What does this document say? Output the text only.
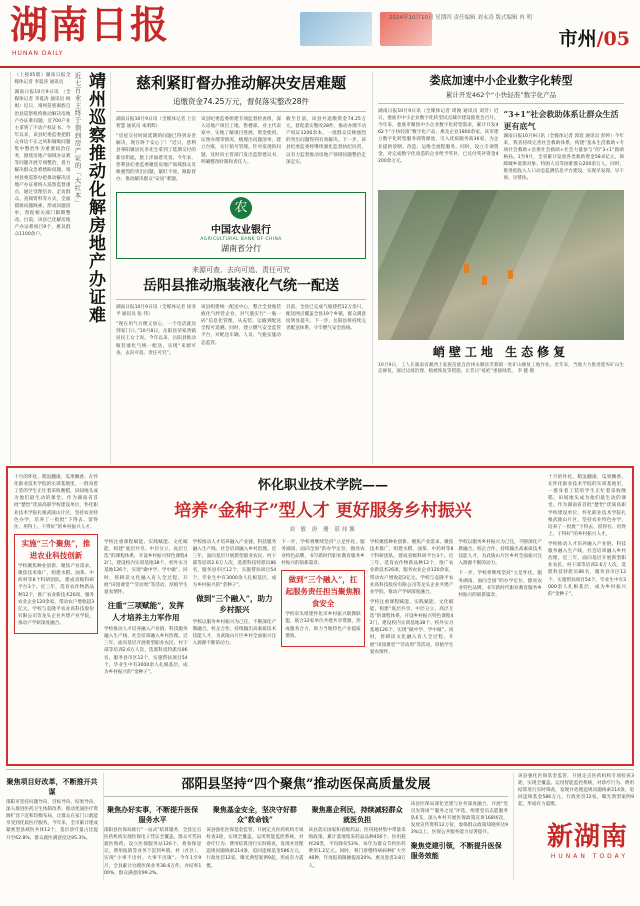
湖南日报
HUNAN DAILY
2024年10月10日 星期四 责任编辑 刘永涛 版式编辑 冉 明
市州/05
靖州巡察推动化解房地产办证难
近七百业主终于领到房产证的「大红本」

（上接05版）湖南日报全媒体记者 李夏涛 通讯员

湖南日报10月9日讯 （全媒体记者 李夏涛 通讯员 杨娟）近日，靖州苗族侗族自治县巡察机构推动解决房地产办证难问题，近700户业主拿到了不动产权证书。今年以来，该县纪委监委把群众身边不正之风和腐败问题集中整治作为重要政治任务，围绕房地产领域办证难等问题开展专项整治，着力解决群众急难愁盼问题。靖州县委巡察办把推动解决房地产办证难纳入巡察监督重点，通过受理信访、走访群众、查阅资料等方式，全面摸排问题线索，形成问题清单，督促相关部门限期整改。目前，该县已化解房地产办证难项目9个，惠及群众1100余户。

慈利紧盯督办推动解决安居难题
追缴资金74.25万元，督促落实整改28件

湖南日报10月9日讯（全媒体记者 上官智慧 通讯员 朱明辉）

“房屋交付时间延期的问题已得到妥善解决，现在终于安心了！”近日，慈利县零阳镇居民李先生拿到了延期交付的新房钥匙，脸上洋溢着笑容。今年来，慈利县纪委监委聚焦房地产领域群众反映强烈的突出问题，紧盯不放、跟踪督办，推动解决群众“安居”难题。

该县纪委监委组建专项监督检查组，深入房地产项目工地、售楼部、业主代表家中，实地了解项目进展、资金使用、证照办理等情况，梳理出问题清单，建立台账，实行销号管理。针对发现的问题，及时向主管部门发出监察建议书，明确整改时限和责任人。

截至目前，该县共追缴资金74.25万元，督促落实整改28件，推动办理不动产权证1200余本，一批群众反映强烈的突出问题得到有效解决。下一步，该县纪委监委将继续强化监督执纪问责，以有力监督推动房地产领域问题整治走深走实。

农
中国农业银行
AGRICULTURAL BANK OF CHINA
湖南省分行
来源可查、去向可追、责任可究
岳阳县推动瓶装液化气统一配送

湖南日报10月9日讯（全媒体记者 徐亚平 通讯员 张 伟）

“现在用气方便又放心，一个电话就送到家门口。”10月8日，岳阳县荣家湾镇居民王女士说。今年以来，岳阳县推动瓶装液化气统一配送，实现“来源可查、去向可追、责任可究”。

该县组建统一配送中心，整合全县瓶装液化气经营企业，对气瓶实行“一瓶一码”信息化管理，从充装、运输到配送全程可追溯。同时，建立燃气安全监管平台，对配送车辆、人员、气瓶实施动态监管。

目前，全县已完成气瓶建档12万余只，配送网点覆盖全县19个乡镇，群众满意度明显提升。下一步，岳阳县将持续完善配送体系，守牢燃气安全底线。

娄底加速中小企业数字化转型
累计开发462个“小快轻准”数字化产品

湖南日报10月9日讯（全媒体记者 周俊 通讯员 刘芳）近日，娄底市中小企业数字化转型试点城市建设推进会召开。今年来，娄底市聚焦中小企业数字化转型需求，累计开发462个“小快轻准”数字化产品，惠及企业1800余家。该市建立数字化转型服务商资源池，引入优质服务商36家，为企业提供诊断、改造、运维全流程服务。同时，设立专项资金，对完成数字化改造的企业给予奖补，已兑付奖补资金4200余万元。

“3+1”社会救助体系让群众生活更有底气

湖南日报10月9日讯（全媒体记者 郭宸 通讯员 彭婷）今年来，我省持续完善社会救助体系，构建“基本生活救助+专项社会救助+急难社会救助+社会力量参与”的“3+1”救助格局。1至9月，全省累计发放各类救助资金58.6亿元，保障城乡低保对象、特困人员等困难群众200余万人。同时，推进低收入人口动态监测信息平台建设，实现早发现、早干预、早帮扶。

峭壁工地 生态修复
10月9日，工人在湖南省湘西土家族苗族自治州永顺县芙蓉镇一处矿山修复工地作业。近年来，当地大力推进废弃矿山生态修复，通过边坡治理、植被恢复等措施，让昔日“疮疤”重披绿装。 李 健 摄

十月的怀化，稻浪翻滚、瓜果飘香。在怀化职业技术学院的实训基地里，一群身着工装的学生正忙着采收晚稻，田间地头成为他们最生动的课堂。作为湖南省首批“楚怡”优质高职学校建设单位，怀化职业技术学院扎根武陵山片区，坚持农业特色办学，培养了一批批“下得去、留得住、用得上、干得好”的乡村振兴人才。

实施“三个聚焦”，推进农业科技创新

学校聚焦种业创新、聚焦产业需求、聚焦技术推广，组建水稻、油茶、中药材等8个科研团队，建成省级科研平台3个。近三年，选育农作物新品种12个，推广农业新技术26项，服务农业企业120余家，带动农户增收超3亿元。学校与袁隆平农业高科技股份有限公司等龙头企业共建产业学院，推动产学研深度融合。

怀化职业技术学院——
培养“金种子”型人才 更好服务乡村振兴
刘 敏 唐 珊 谌祎馨

学校注重课程赋能、实践赋能、文化赋能，构建“底层共享、中层分立、高层互选”的课程体系，开设乡村振兴特色课程42门。建设校内实训基地38个、校外实习基地126个，实现“做中学、学中做”。同时，将耕读文化融入育人全过程，开展“田园课堂”“劳动周”等活动，厚植学生爱农情怀。

注重“三项赋能”，发挥人才培养主力军作用

学校推动人才培养融入产业链、科技服务融入生产线、社会培训融入乡村治理。近三年，面向基层开展新型职业农民、村干部等培训2.6万人次，选派科技特派员86名，服务县市区12个，实施帮扶项目54个。毕业生中有3000余人扎根基层，成为乡村振兴的“金种子”。

学校推动人才培养融入产业链、科技服务融入生产线、社会培训融入乡村治理。近三年，面向基层开展新型职业农民、村干部等培训2.6万人次，选派科技特派员86名，服务县市区12个，实施帮扶项目54个。毕业生中有3000余人扎根基层，成为乡村振兴的“金种子”。

做到“三个融入”，助力乡村振兴

学校以服务乡村振兴为己任，不断深化产教融合、校企合作，持续输出高素质技术技能人才，为武陵山片区乡村全面振兴注入源源不断的动力。

下一步，学校将继续坚持“立足怀化、服务湖南、面向全国”的办学定位，擦亮农业特色品牌，书写新时代职业教育服务乡村振兴的崭新篇章。

做到“三个融入”，扛起服务责任担当聚焦粮食安全

学校牵头组建怀化市乡村振兴职教联盟，联合32家单位共建共享资源，形成服务合力，助力当地特色产业提质增效。

学校聚焦种业创新、聚焦产业需求、聚焦技术推广，组建水稻、油茶、中药材等8个科研团队，建成省级科研平台3个。近三年，选育农作物新品种12个，推广农业新技术26项，服务农业企业120余家，带动农户增收超3亿元。学校与袁隆平农业高科技股份有限公司等龙头企业共建产业学院，推动产学研深度融合。

学校注重课程赋能、实践赋能、文化赋能，构建“底层共享、中层分立、高层互选”的课程体系，开设乡村振兴特色课程42门。建设校内实训基地38个、校外实习基地126个，实现“做中学、学中做”。同时，将耕读文化融入育人全过程，开展“田园课堂”“劳动周”等活动，厚植学生爱农情怀。

学校以服务乡村振兴为己任，不断深化产教融合、校企合作，持续输出高素质技术技能人才，为武陵山片区乡村全面振兴注入源源不断的动力。

下一步，学校将继续坚持“立足怀化、服务湖南、面向全国”的办学定位，擦亮农业特色品牌，书写新时代职业教育服务乡村振兴的崭新篇章。

十月的怀化，稻浪翻滚、瓜果飘香。在怀化职业技术学院的实训基地里，一群身着工装的学生正忙着采收晚稻，田间地头成为他们最生动的课堂。作为湖南省首批“楚怡”优质高职学校建设单位，怀化职业技术学院扎根武陵山片区，坚持农业特色办学，培养了一批批“下得去、留得住、用得上、干得好”的乡村振兴人才。

学校推动人才培养融入产业链、科技服务融入生产线、社会培训融入乡村治理。近三年，面向基层开展新型职业农民、村干部等培训2.6万人次，选派科技特派员86名，服务县市区12个，实施帮扶项目54个。毕业生中有3000余人扎根基层，成为乡村振兴的“金种子”。

聚焦项目好改革，不断推开共谋

邵阳市坚持问题导向、目标导向、结果导向，深入推进医药卫生体制改革，推动优质医疗资源扩容下沉和均衡布局，让群众在家门口就能享受到优质医疗服务。今年来，全市累计建成紧密型县域医共体12个，基层诊疗量占比提升至62.8%，群众就医满意度达95.3%。

邵阳县坚持“四个聚焦”推动医保高质量发展
聚焦办好实事，不断提升医保服务水平

邵阳县医保局推行“一站式”结算服务，全县定点医药机构实现医保电子凭证全覆盖，群众可凭码就医购药。设立医保服务站126个，将参保登记、费用报销等业务下沉到乡镇、村（社区），实现“小事不出村、大事不出镇”。今年1至9月，全县累计办理医保业务38.6万件，办结率100%，群众满意度99.2%。

聚焦基金安全，坚决守好群众“救命钱”

该县强化医保基金监管，开展定点医药机构专项检查3轮，实现全覆盖。运用智能监控系统，对诊疗行为、费用结算进行实时筛查，发现并处理违规问题线索214条，追回违规基金586万元，行政处罚12家，曝光典型案例9起，形成有力震慑。

聚焦惠企利民，持续减轻群众就医负担

该县落实国家和省级药品、医用耗材集中带量采购政策，累计落地集采药品品种456个、医用耗材28类，平均降价53%，每年为群众节约医药费用1.2亿元。同时，将门诊慢特病病种扩大至46种，年度报销限额提高20%，惠及患者3.8万人。

该县医保局深化党建与业务深度融合，开展“党员先锋岗”“服务之星”评选，组建党员志愿服务队6支，深入乡村开展医保政策宣讲168场次，发放宣传资料12万份，参保群众政策知晓率达93%以上，医保公共服务能力显著提升。

聚焦党建引领，不断提升医保服务效能

该县强化医保基金监管，开展定点医药机构专项检查3轮，实现全覆盖。运用智能监控系统，对诊疗行为、费用结算进行实时筛查，发现并处理违规问题线索214条，追回违规基金586万元，行政处罚12家，曝光典型案例9起，形成有力震慑。

新湖南
HUNAN TODAY
